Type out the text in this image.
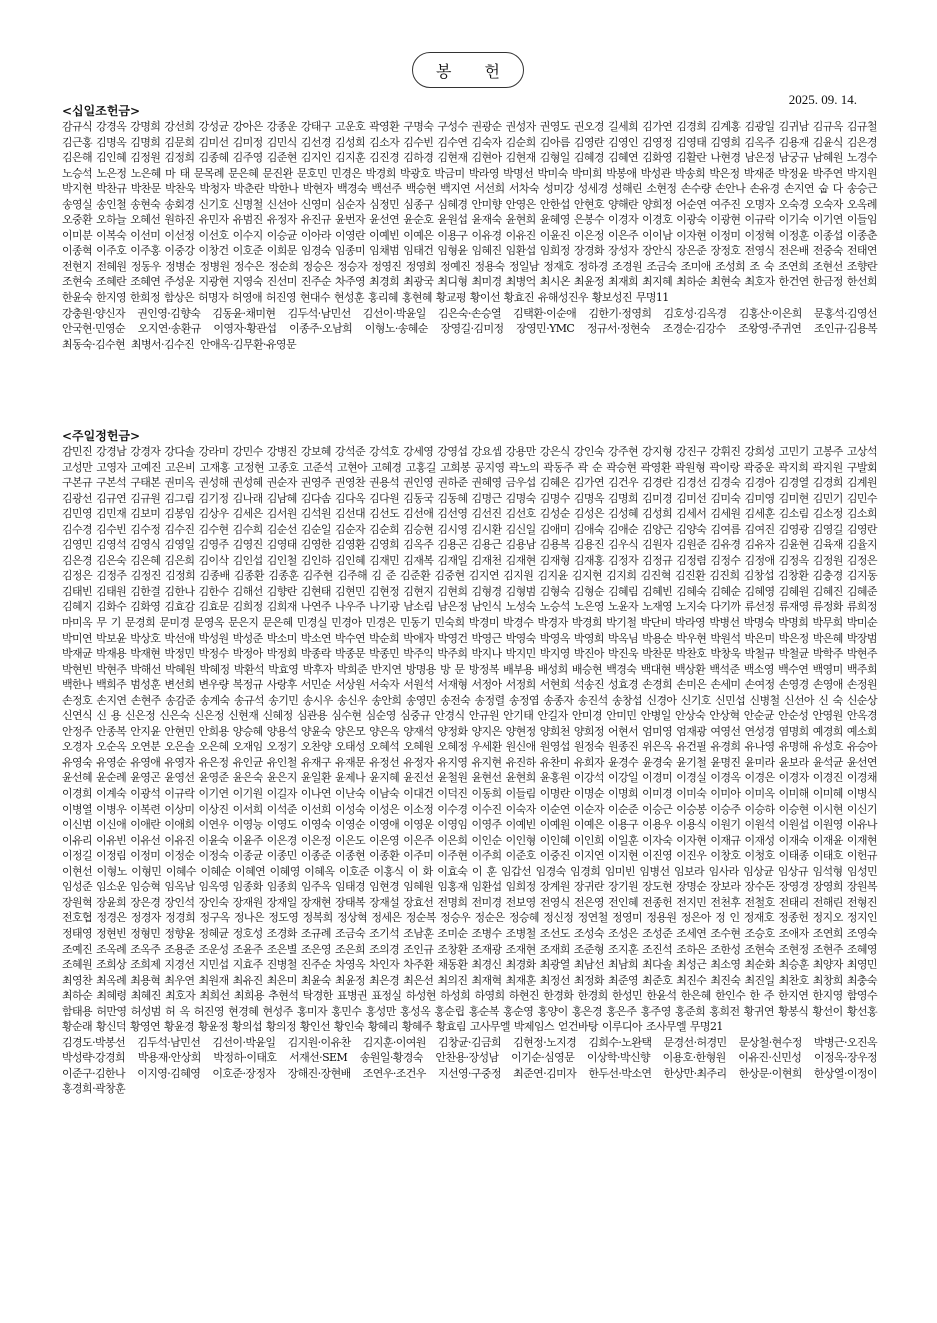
봉 헌
2025. 09. 14.
<십일조헌금>
감규식 강경옥 강명희 강선희 강성균 강아은 강종운 강태구 고운호 곽영환 구명숙 구성수 권광순 권성자 권영도 권오경 길세희 김가연 김경희 김계홍 김광일 김귀남 김규옥 김규철 김근홍 김명옥 김명희 김문희 김미선 김미정 김민식 김선경 김성희 김소자 김수빈 김수연 김숙자 김순희 김아름 김영란 김영인 김영정 김영태 김영희 김옥주 김용재 김윤식 김은경 김은해 김인혜 김정원 김정희 김종혜 김주영 김준현 김지인 김지훈 김진경 김하경 김현재 김현아 김현재 김형일 김혜경 김혜연 김화영 김활란 나현경 남은정 남궁규 남혜원 노경수 노승석 노은정 노은혜 마 태 문목례 문은혜 문진완 문호민 민경은 박경희 박광호 박금미 박라영 박명선 박미숙 박미희 박봉애 박성관 박송희 박은정 박재준 박정윤 박주연 박지원 박지현 박찬규 박찬문 박찬욱 박청자 박춘란 박한나 박현자 백경숙 백선주 백승현 백지연 서선희 서차숙 성미강 성세경 성해린 소현정 손수량 손안나 손유경 손지연 숩 다 송승근 송영실 송인철 송현숙 송회경 신기호 신명철 신선아 신영미 심순자 심정민 심종구 심혜경 안미향 안영은 안한섭 안현호 양해란 양희정 어순연 여주진 오명자 오숙경 오숙자 오옥례 오중환 오하늘 오혜선 원하진 유민자 유범진 유정자 유진규 윤번자 윤선연 윤순호 윤원섭 윤재숙 윤현희 윤혜영 은봉수 이경자 이경호 이광숙 이광현 이규락 이기숙 이기연 이들임 이미분 이복숙 이선미 이선정 이선호 이수지 이승균 이아라 이영란 이예빈 이예은 이용구 이유경 이유진 이윤진 이은정 이은주 이이남 이자현 이정미 이정혁 이정훈 이종섭 이종춘 이종혁 이주호 이주홍 이중강 이창건 이호준 이희문 임경숙 임종미 임채범 임태건 임형윤 임혜진 임환섭 임희정 장경화 장성자 장안식 장은준 장정호 전영식 전은배 전중숙 전태연 전현지 전혜원 정동우 정병순 정병원 정수은 정순희 정승은 정승자 정영진 정영희 정예진 정용숙 정일남 정재호 정하경 조경원 조금숙 조미애 조성희 조 숙 조연희 조현선 조향란 조현숙 조혜란 조혜연 주성운 지광현 지영숙 진선미 진주순 차주영 최경희 최광국 최디형 최미경 최병억 최시온 최윤정 최재희 최지혜 최하순 최현숙 최호자 한건연 한금정 한선희 한윤숙 한지영 한희정 함상은 허명자 허영애 허진영 현대수 현성훈 홍리혜 홍현혜 황교평 황이선 황효진 유해성진우 황보성진 무명11
강충원·양신자 권인영·김향숙 김동윤·채미현 김두석·남민선 김선이·박윤일 김은숙·손승열 김택환·이순애 김한기·정영희 김호성·김옥경 김홍산·이은희 문홍석·김영선 안국현·민영순 오지연·송환규 이영자·황관섭 이종주·오남희 이형노·송혜순 장영길·김미정 장영민·YMC 정규서·정현숙 조경순·김강수 조왕영·주귀연 조인규·김용복 최동숙·김수현 최병서·김수진 안애옥·김무환·유영문
<주일정헌금>
감민진 강경남 강경자 강다솔 강라미 강민수 강병진 강보혜 강석준 강석호 강세영 강영섭 강요셉 강용만 강은식 강인숙 강주현 강지형 강진구 강휘진 강희성 고민기 고봉주 고상석 고성만 고영자 고예진 고은비 고재홍 고정현 고종호 고준석 고현아 고혜경 고홍길 고희봉 공지영 곽노의 곽동주 곽 순 곽승현 곽영환 곽원형 곽이랑 곽중운 곽지희 곽지원 구발회 구본규 구본석 구태본 권미옥 권성해 권성혜 권순자 권영주 권영찬 권용석 권인영 권하준 권혜영 금우섭 김혜은 김가연 김건우 김경란 김경선 김경숙 김경아 김경열 김경희 김계원 김광선 김규연 김규원 김그림 김기정 김나래 김남혜 김다솜 김다옥 김다원 김동국 김동혜 김명근 김명숙 김명수 김명옥 김명희 김미경 김미선 김미숙 김미영 김미현 김민기 김민수 김민영 김민재 김보미 김봉임 김상우 김세은 김서원 김석원 김선대 김선도 김선애 김선영 김선진 김선호 김성순 김성은 김성혜 김성희 김세서 김세원 김세훈 김소림 김소정 김소희 김수경 김수빈 김수정 김수진 김수현 김수희 김순선 김순일 김순자 김순희 김승현 김시영 김시환 김신일 김애미 김애숙 김애순 김양근 김양숙 김여름 김여진 김영광 김영길 김영란 김영민 김영석 김영식 김영일 김영주 김영진 김영태 김영한 김영환 김영희 김옥주 김용곤 김용근 김용남 김용복 김용진 김우식 김원자 김원준 김유경 김유자 김윤현 김육재 김율지 김은경 김은숙 김은혜 김은희 김이삭 김인섭 김인철 김인하 김인혜 김재민 김재복 김재일 김재천 김재현 김재형 김재홍 김정자 김정규 김정렴 김정수 김정애 김정옥 김정원 김정은 김정은 김정주 김정진 김정희 김종배 김종환 김종훈 김주현 김주해 김 준 김준환 김중현 김지연 김지원 김지윤 김지현 김지희 김진혁 김진환 김진희 김창섭 김창환 김충경 김지동 김태빈 김태원 김한결 김한나 김한수 김해선 김향란 김현태 김현민 김현정 김현지 김현희 김형경 김형범 김형숙 김형순 김혜림 김혜빈 김혜숙 김혜순 김혜영 김혜원 김혜진 김혜준 김혜지 김화수 김화영 김효감 김효문 김희정 김희재 나연주 나우주 나기광 남소림 남은정 남인식 노성숙 노승석 노은영 노윤자 노재영 노지숙 다기까 류선정 류재영 류정화 류희정 마미옥 무 기 문경희 문미경 문영옥 문은지 문은혜 민경실 민경아 민경은 민동기 민숙희 박경미 박경수 박경자 박경희 박기철 박단비 박라영 박병선 박명숙 박명희 박무희 박미순 박미연 박보윤 박상호 박선애 박성원 박성준 박소미 박소연 박수연 박순희 박애자 박영건 박영근 박영숙 박영옥 박영희 박옥님 박용순 박우현 박원석 박은미 박은정 박은혜 박장범 박재균 박재용 박재현 박정민 박정수 박정아 박정희 박종락 박종문 박종민 박주익 박주희 박지나 박지민 박지영 박진아 박진욱 박찬문 박찬호 박창욱 박철규 박철균 박학주 박현주 박현빈 박현주 박해선 박혜원 박혜정 박환석 박효영 박후자 박희준 반지연 방명용 방 문 방정복 배부용 배성희 배승현 백경숙 백대현 백상환 백석준 백소영 백수연 백영미 백주희 백한나 백희주 범성훈 변선희 변우량 복정규 사랑후 서민순 서상원 서숙자 서원석 서재형 서정아 서정희 서현희 석송진 성효경 손경희 손미은 손세미 손여정 손영경 손영애 손정원 손정호 손지연 손현주 송감준 송계숙 송규석 송기민 송시우 송신우 송안희 송영민 송전숙 송정렬 송정엽 송종자 송진석 송창섭 신경아 신기호 신민섭 신병철 신선아 신 숙 신순상 신연식 신 용 신은정 신은숙 신은정 신현재 신혜정 심관용 심수현 심순영 심중규 안경식 안규원 안기태 안길자 안미경 안미민 안병일 안상숙 안상혁 안순균 안순성 안영원 안옥경 안정주 안종복 안지윤 안현민 안희용 양승혜 양용석 양윤숙 양은모 양은옥 양재석 양정화 양지은 양현정 양희천 양희정 어현서 엄미영 엄재광 여영선 연성경 염명희 예경희 예소희 오경자 오순옥 오연분 오은솔 오은혜 오재임 오정기 오찬양 오태성 오혜석 오혜원 오혜정 우세환 원신애 원영섭 원정숙 원종진 위은옥 유건필 유경희 유나영 유명해 유성호 유승아 유영숙 유영순 유영애 유영자 유은정 유인균 유인철 유재구 유재문 유정선 유정자 유지영 유지현 유진하 유찬미 유희자 윤경수 윤경숙 윤기철 윤명진 윤미라 윤보라 윤석균 윤선연 윤선혜 윤순례 윤영곤 윤영선 윤영준 윤은숙 윤은지 윤일환 윤제나 윤지혜 윤진선 윤철원 윤현선 윤현희 윤홍원 이강석 이강일 이경미 이경실 이경옥 이경은 이경자 이경진 이경채 이경희 이계숙 이광석 이규락 이기연 이기원 이길자 이나연 이난숙 이남숙 이대건 이덕진 이동희 이들림 이명란 이명순 이명희 이미경 이미숙 이미아 이미옥 이미해 이미혜 이병식 이병열 이병우 이복련 이상미 이상진 이서희 이석준 이선희 이성숙 이성은 이소정 이수경 이수진 이숙자 이순연 이순자 이순준 이승근 이승봉 이승주 이승하 이승현 이시현 이신기 이신범 이신애 이애란 이애희 이연우 이영능 이영도 이영숙 이영순 이영애 이영운 이영임 이영주 이예빈 이예원 이예은 이용구 이용우 이용식 이원기 이원석 이원섭 이원영 이유나 이유리 이유빈 이유선 이유진 이윤숙 이윤주 이은경 이은정 이은도 이은영 이은주 이은희 이인순 이인형 이인혜 이인희 이일훈 이자숙 이자현 이재규 이재성 이재숙 이재윤 이재현 이정길 이정림 이정미 이정순 이정숙 이종균 이종민 이종준 이종현 이종환 이주미 이주현 이주희 이준호 이중진 이지연 이지현 이진영 이진우 이창호 이청호 이태종 이태호 이헌규 이현선 이형노 이형민 이혜수 이혜순 이혜연 이혜영 이혜옥 이호준 이홍식 이 화 이효숙 이 훈 임갑선 임경숙 임경희 임미빈 임병선 임보라 임사라 임상균 임상규 임석형 임성민 임성준 임소운 임승혁 임옥남 임옥영 임종화 임종희 임주옥 임태경 임현경 임혜원 임홍재 임환섭 임희정 장계원 장귀란 장기원 장도현 장명순 장보라 장수돈 장영경 장영희 장원복 장원혁 장윤희 장은경 장인석 장인숙 장재원 장재일 장재현 장태복 장재설 장효선 전명희 전미경 전보영 전영식 전은영 전인혜 전종헌 전지민 전천후 전철호 전태리 전해린 전형진 전호협 정경은 정경자 정경희 정구옥 정나은 정도영 정복희 정상혁 정세은 정순복 정승우 정순은 정승혜 정신정 정연철 정영미 정용원 정은아 정 인 정재호 정종헌 정지오 정지인 정태영 정현빈 정형민 정향윤 정혜균 정호성 조경화 조규례 조금숙 조기석 조남훈 조미순 조병수 조병철 조선도 조성숙 조성은 조성준 조세연 조수현 조승호 조애자 조연희 조영숙 조예진 조옥례 조옥주 조용준 조운성 조윤주 조은별 조은영 조은희 조의경 조인규 조창환 조재광 조재현 조재희 조준형 조지훈 조진석 조하은 조한성 조현숙 조현정 조현주 조혜영 조혜원 조희상 조희제 지경선 지민섭 지효주 진병철 진주순 차영옥 차인자 차주환 채동환 최경신 최경화 최광열 최남선 최남희 최다솔 최성근 최소영 최순화 최승훈 최양자 최영민 최영찬 최옥례 최용혁 최우연 최원재 최유진 최은미 최윤숙 최윤정 최은경 최은선 최의진 최재혁 최재훈 최정선 최정화 최준영 최준호 최진수 최진숙 최진일 최찬호 최창희 최충숙 최하순 최혜령 최혜진 최호자 최희선 최희용 추현석 탁경한 표병권 표정실 하성현 하성희 하영희 하현진 한경화 한경희 한성민 한윤석 한은혜 한인수 한 주 한지연 한지영 함영수 함태용 허만영 허성범 허 옥 허진영 현경혜 현성주 홍미자 홍민수 홍성만 홍성옥 홍순립 홍순복 홍순영 홍양이 홍은경 홍은주 홍주영 홍준희 홍희전 황귀연 황봉식 황선이 황선홍 황순래 황신덕 황영연 황윤경 황윤정 황의섭 황의정 황인선 황인숙 황혜리 황혜주 황효림 고사무엘 박제임스 얻건바탕 이루디아 조사무엘 무명21
김경도·박봉선 김두석·남민선 김선이·박윤일 김지원·이유찬 김지훈·이여원 김창균·김금희 김현정·노지경 김희수·노완택 문경선·허경민 문상철·현수정 박병근·오진옥 박성략·강경희 박용재·안상희 박정하·이태호 서재선·SEM 송원일·황경숙 안찬용·장성남 이기순·심영문 이상학·박신향 이용호·한형원 이유진·신민성 이정옥·장우정 이준구·김한나 이지영·김혜영 이호준·장정자 장해진·장현배 조연우·조건우 지선영·구중정 최준연·김미자 한두선·박소연 한상만·최주리 한상문·이현희 한상열·이정이 홍경희·곽창훈
